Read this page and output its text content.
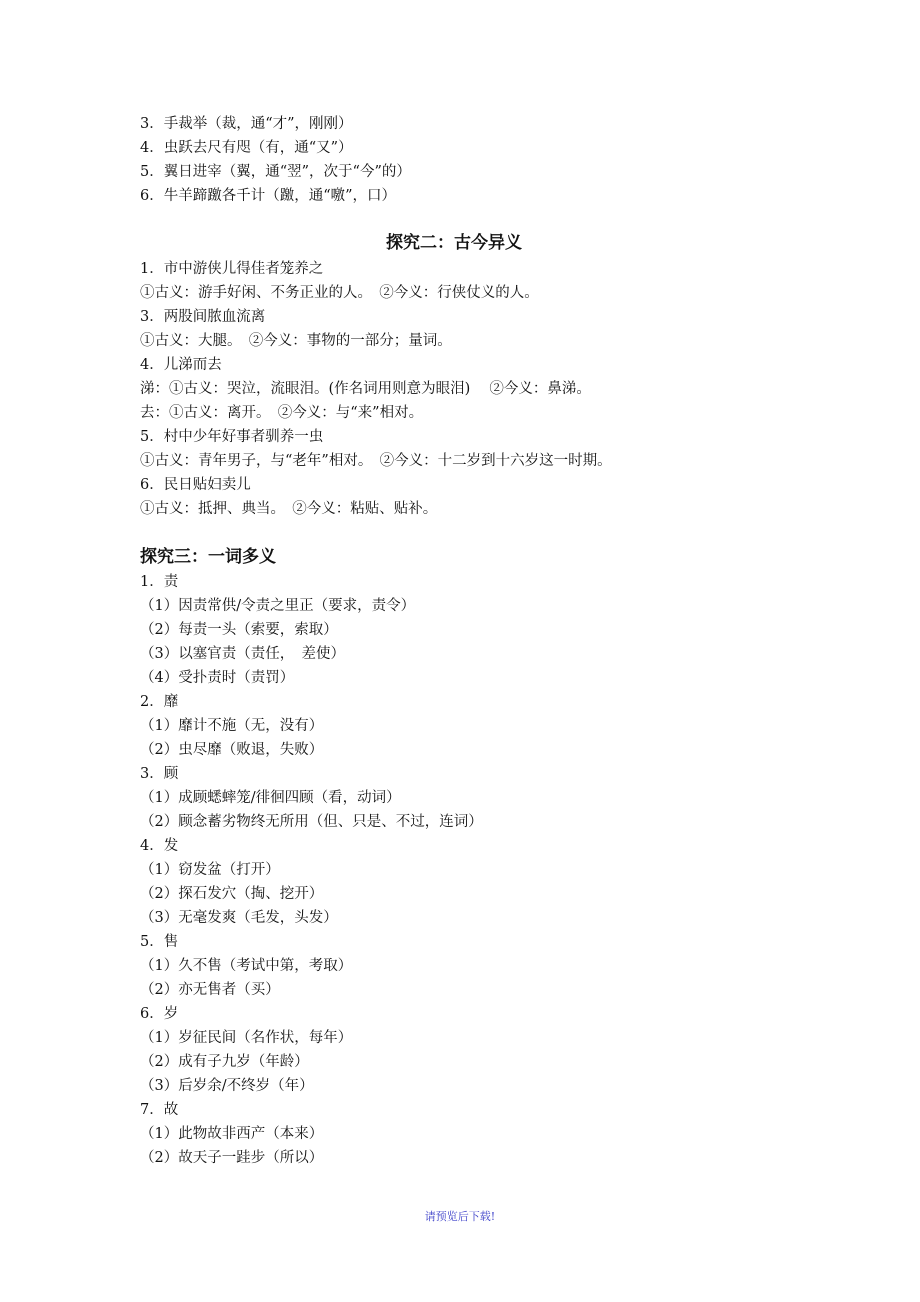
3．手裁举（裁，通“才”，刚刚）
4．虫跃去尺有咫（有，通“又”）
5．翼日进宰（翼，通“翌”，次于“今”的）
6．牛羊蹄躈各千计（躈，通“噭”，口）
探究二：古今异义
1．市中游侠儿得佳者笼养之
①古义：游手好闲、不务正业的人。　②今义：行侠仗义的人。
3．两股间脓血流离
①古义：大腿。　②今义：事物的一部分；量词。
4．儿涕而去
涕：①古义：哭泣，流眼泪。(作名词用则意为眼泪)　 ②今义：鼻涕。
去：①古义：离开。　②今义：与“来”相对。
5．村中少年好事者驯养一虫
①古义：青年男子，与“老年”相对。　②今义：十二岁到十六岁这一时期。
6．民日贴妇卖儿
①古义：抵押、典当。　②今义：粘贴、贴补。
探究三：一词多义
1．责
（1）因责常供/令责之里正（要求，责令）
（2）每责一头（索要，索取）
（3）以塞官责（责任，　差使）
（4）受扑责时（责罚）
2．靡
（1）靡计不施（无，没有）
（2）虫尽靡（败退，失败）
3．顾
（1）成顾蟋蟀笼/徘徊四顾（看，动词）
（2）顾念蓄劣物终无所用（但、只是、不过，连词）
4．发
（1）窃发盆（打开）
（2）探石发穴（掏、挖开）
（3）无毫发爽（毛发，头发）
5．售
（1）久不售（考试中第，考取）
（2）亦无售者（买）
6．岁
（1）岁征民间（名作状，每年）
（2）成有子九岁（年龄）
（3）后岁余/不终岁（年）
7．故
（1）此物故非西产（本来）
（2）故天子一跬步（所以）
请预览后下载!
